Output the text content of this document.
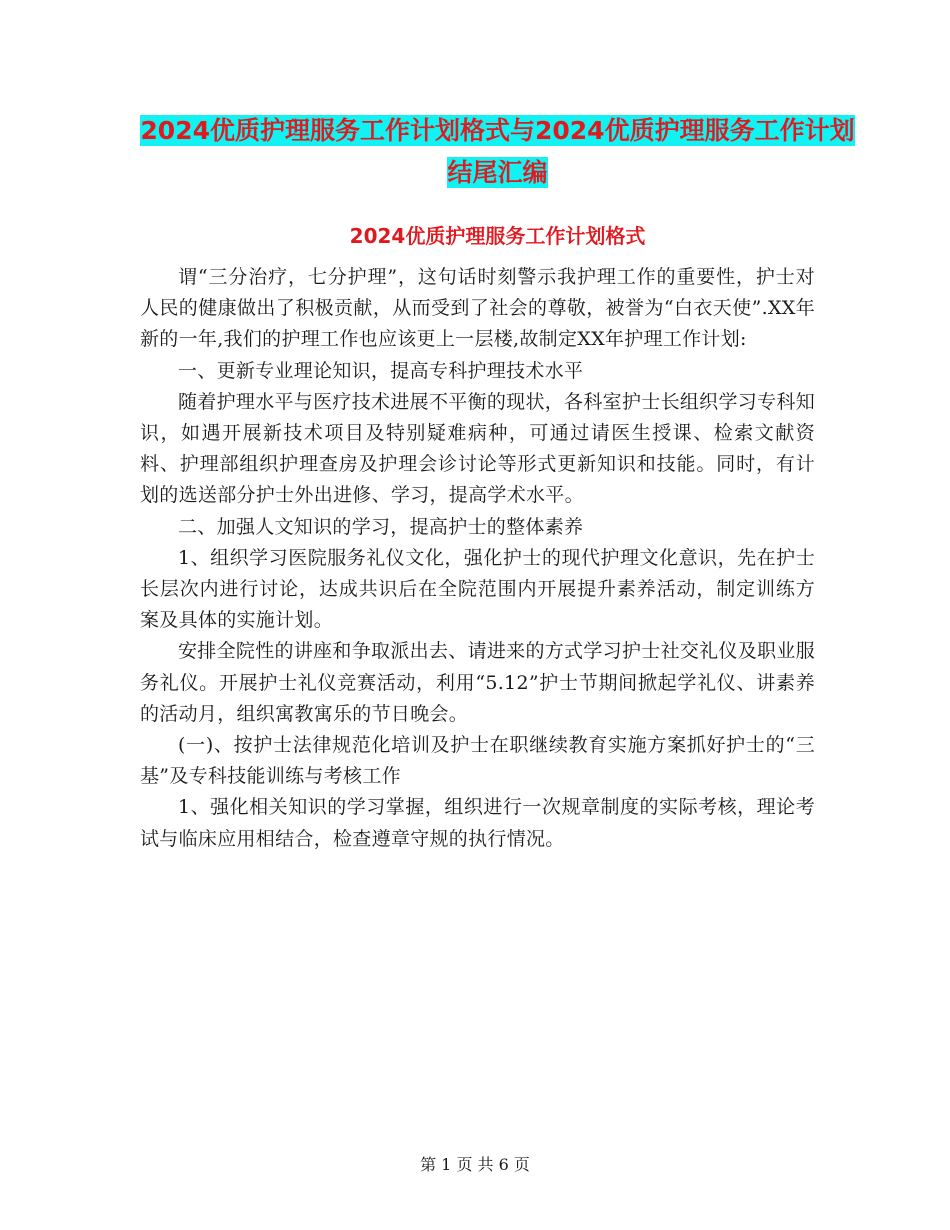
2024优质护理服务工作计划格式与2024优质护理服务工作计划结尾汇编
2024优质护理服务工作计划格式

谓“三分治疗，七分护理”，这句话时刻警示我护理工作的重要性，护士对人民的健康做出了积极贡献，从而受到了社会的尊敬，被誉为“白衣天使”.XX年新的一年,我们的护理工作也应该更上一层楼,故制定XX年护理工作计划:

一、更新专业理论知识，提高专科护理技术水平

随着护理水平与医疗技术进展不平衡的现状，各科室护士长组织学习专科知识，如遇开展新技术项目及特别疑难病种，可通过请医生授课、检索文献资料、护理部组织护理查房及护理会诊讨论等形式更新知识和技能。同时，有计划的选送部分护士外出进修、学习，提高学术水平。

二、加强人文知识的学习，提高护士的整体素养

1、组织学习医院服务礼仪文化，强化护士的现代护理文化意识，先在护士长层次内进行讨论，达成共识后在全院范围内开展提升素养活动，制定训练方案及具体的实施计划。

安排全院性的讲座和争取派出去、请进来的方式学习护士社交礼仪及职业服务礼仪。开展护士礼仪竞赛活动，利用“5.12”护士节期间掀起学礼仪、讲素养的活动月，组织寓教寓乐的节日晚会。

(一)、按护士法律规范化培训及护士在职继续教育实施方案抓好护士的“三基”及专科技能训练与考核工作

1、强化相关知识的学习掌握，组织进行一次规章制度的实际考核，理论考试与临床应用相结合，检查遵章守规的执行情况。

第 1 页 共 6 页
